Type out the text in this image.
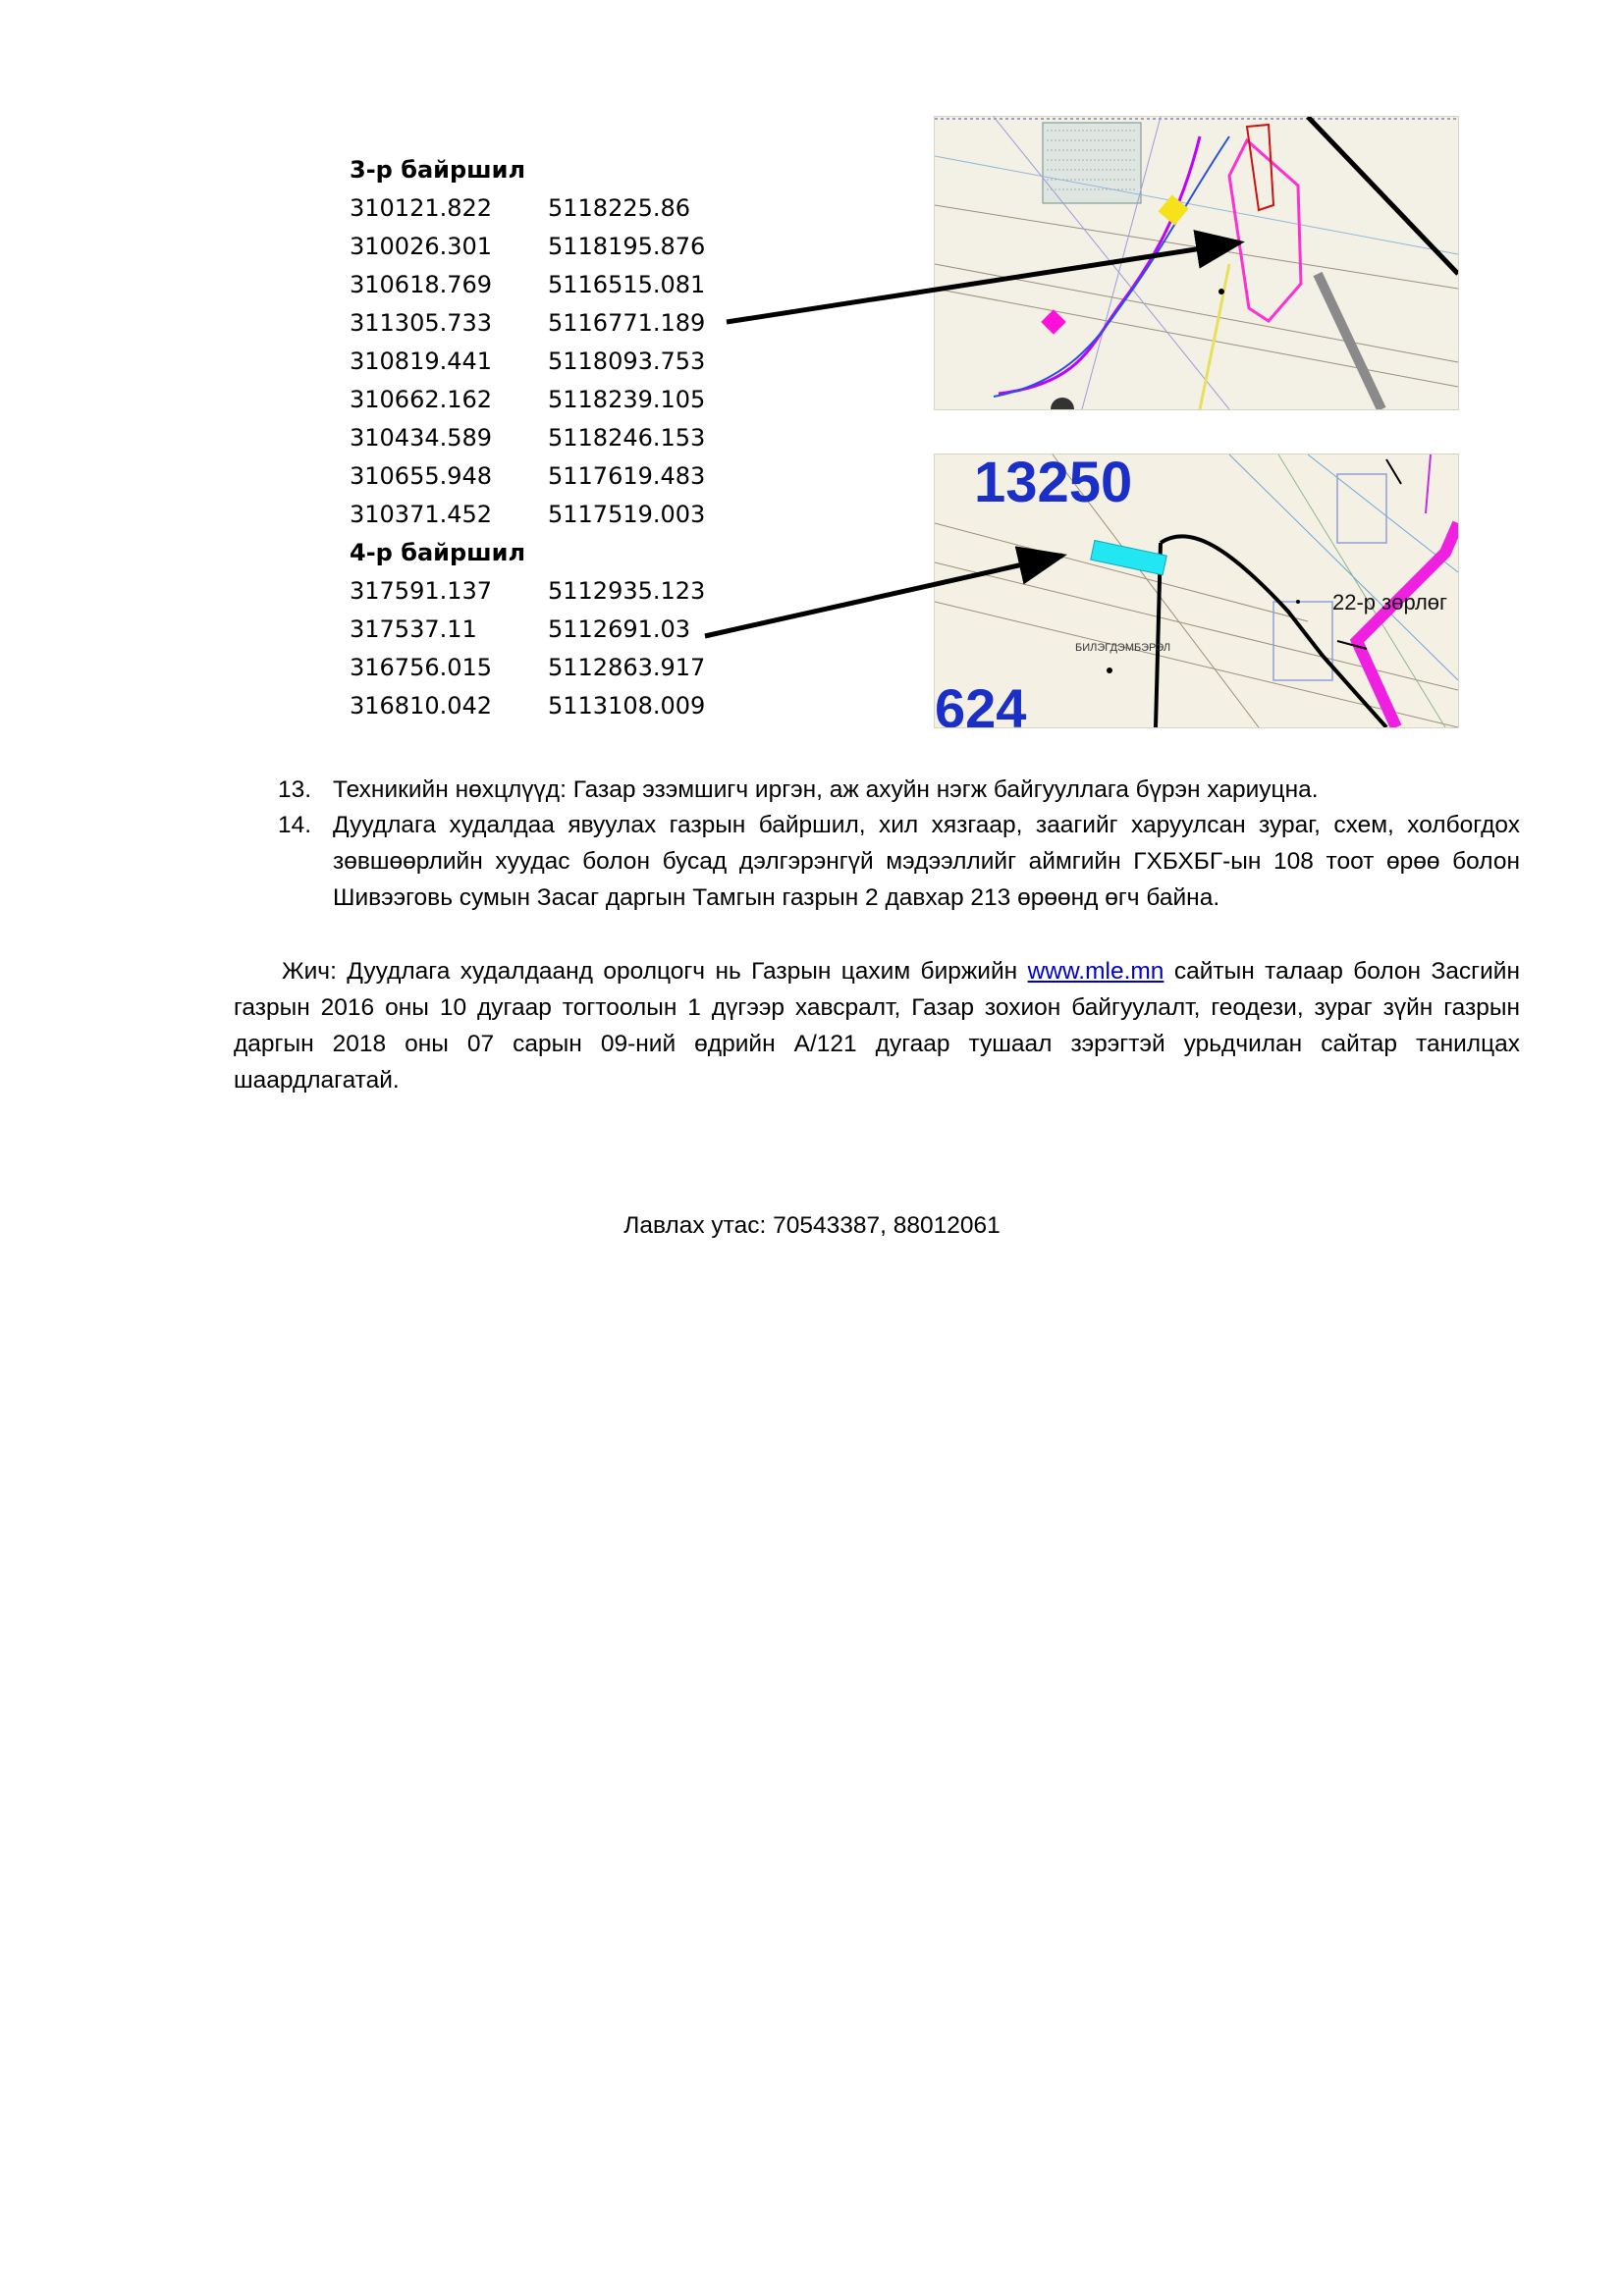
3-р байршил
310121.822 5118225.86
310026.301 5118195.876
310618.769 5116515.081
311305.733 5116771.189
310819.441 5118093.753
310662.162 5118239.105
310434.589 5118246.153
310655.948 5117619.483
310371.452 5117519.003
4-р байршил
317591.137 5112935.123
317537.11	5112691.03
316756.015 5112863.917
316810.042 5113108.009
13250
624
22-р зөрлөг
БИЛЭГДЭМБЭРЭЛ
13. Техникийн нөхцлүүд: Газар эзэмшигч иргэн, аж ахуйн нэгж байгууллага бүрэн хариуцна.
14. Дуудлага худалдаа явуулах газрын байршил, хил хязгаар, заагийг харуулсан зураг, схем, холбогдох зөвшөөрлийн хуудас болон бусад дэлгэрэнгүй мэдээллийг аймгийн ГХБХБГ-ын 108 тоот өрөө болон Шивээговь сумын Засаг даргын Тамгын газрын 2 давхар 213 өрөөнд өгч байна.
Жич: Дуудлага худалдаанд оролцогч нь Газрын цахим биржийн www.mle.mn сайтын талаар болон Засгийн газрын 2016 оны 10 дугаар тогтоолын 1 дүгээр хавсралт, Газар зохион байгуулалт, геодези, зураг зүйн газрын даргын 2018 оны 07 сарын 09-ний өдрийн А/121 дугаар тушаал зэрэгтэй урьдчилан сайтар танилцах шаардлагатай.
Лавлах утас: 70543387, 88012061
